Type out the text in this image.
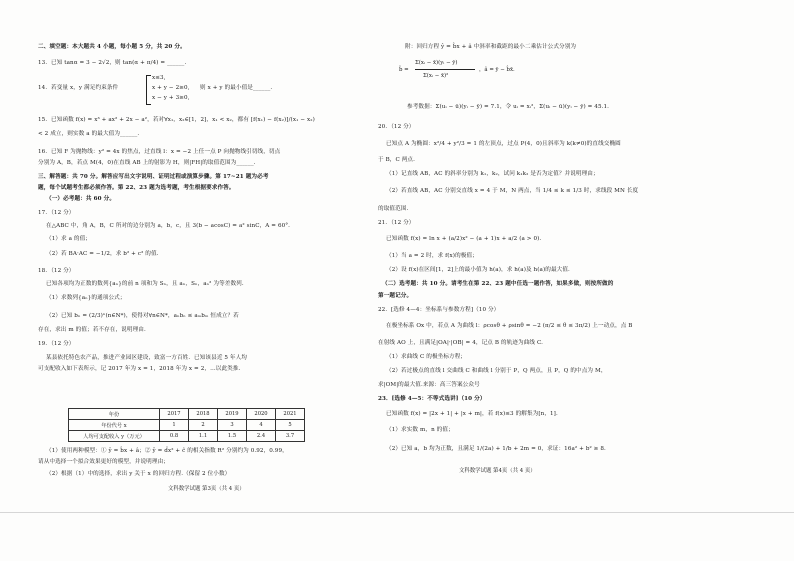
二、填空题：本大题共 4 小题，每小题 5 分，共 20 分。
13．已知 tanα = 3 − 2√2，则 tan(α + π/4) = ______.
14．若变量 x，y 满足约束条件
x≤3,
x + y − 2≥0,
x − y + 3≥0,
则 x + y 的最小值是______.
15．已知函数 f(x) = x³ + ax² + 2x − a²，若对∀x₁，x₂∈[1，2]，x₁ < x₂，都有 [f(x₁) − f(x₂)]/(x₁ − x₂)
< 2 成立，则实数 a 的最大值为______.
16．已知 F 为抛物线：y² = 4x 的焦点，过直线 l：x = −2 上任一点 P 向抛物线引切线，切点
分别为 A，B，若点 M(4，0)在直线 AB 上的射影为 H，则|FH|的取值范围为______.
三、解答题：共 70 分。解答应写出文字说明、证明过程或演算步骤。第 17~21 题为必考
题，每个试题考生都必须作答。第 22、23 题为选考题，考生根据要求作答。
（一）必考题：共 60 分。
17．（12 分）
在△ABC 中，角 A，B，C 所对的边分别为 a，b，c，且 3(b − acosC) = a² sinC，A = 60°.
（1）求 a 的值；
（2）若 BA·AC = −1/2，求 b² + c² 的值.
18．（12 分）
已知各项均为正数的数列{aₙ}的前 n 项和为 Sₙ，且 aₙ，Sₙ，aₙ² 为等差数列.
（1）求数列{aₙ}的通项公式；
（2）已知 bₙ = (2/3)ⁿ(n∈N*)，使得对∀n∈N*，aₙbₙ ≤ aₘbₘ 恒成立？若
存在，求出 m 的值；若不存在，说明理由.
19．（12 分）
某县依托特色农产品，推进产业园区建设，致富一方百姓．已知该县近 5 年人均
可支配收入如下表所示，记 2017 年为 x = 1，2018 年为 x = 2，…以此类推.
年份	2017	2018	2019	2020	2021
年份代号 x	1	2	3	4	5
人均可支配收入 y（万元）	0.8	1.1	1.5	2.4	3.7
（1）使用两种模型：① ŷ = b̂x + â；② ŷ = d̂x² + ĉ 的相关指数 R² 分别约为 0.92，0.99，
请从中选择一个拟合效果更好的模型，并说明理由；
（2）根据（1）中的选择，求出 y 关于 x 的回归方程.（保留 2 位小数）
文科数学试题 第3页（共 4 页）
附：回归方程 ŷ = b̂x + â 中斜率和截距的最小二乘估计公式分别为
b̂ =
Σ(xᵢ − x̄)(yᵢ − ȳ)
Σ(xᵢ − x̄)²
，â = ȳ − b̂x̄.
参考数据：Σ(uᵢ − ū)(yᵢ − ȳ) = 7.1，令 uᵢ = xᵢ²，Σ(uᵢ − ū)(yᵢ − ȳ) = 45.1.
20．（12 分）
已知点 A 为椭圆：x²/4 + y²/3 = 1 的左顶点，过点 P(4，0)且斜率为 k(k≠0)的直线交椭圆
于 B，C 两点.
（1）记直线 AB，AC 的斜率分别为 k₁，k₂，试问 k₁k₂ 是否为定值？并说明理由；
（2）若直线 AB，AC 分别交直线 x = 4 于 M，N 两点，当 1/4 ≤ k ≤ 1/3 时，求线段 MN 长度
的取值范围.
21．（12 分）
已知函数 f(x) = ln x + (a/2)x² − (a + 1)x + a/2 (a > 0).
（1）当 a = 2 时，求 f(x)的极值；
（2）设 f(x)在区间[1，2]上的最小值为 h(a)，求 h(a)及 h(a)的最大值.
（二）选考题：共 10 分。请考生在第 22、23 题中任选一题作答，如果多做，则按所做的
第一题记分。
22．[选修 4—4：坐标系与参数方程]（10 分）
在极坐标系 Ox 中，若点 A 为曲线 l：ρcosθ + ρsinθ = −2 (π/2 ≤ θ ≤ 3π/2) 上一动点，点 B
在射线 AO 上，且满足|OA|·|OB| = 4，记点 B 的轨迹为曲线 C.
（1）求曲线 C 的极坐标方程；
（2）若过极点的直线 l 交曲线 C 和曲线 l 分别于 P，Q 两点，且 P，Q 的中点为 M，
求|OM|的最大值.来源：高三答案公众号
23．[选修 4—5：不等式选讲]（10 分）
已知函数 f(x) = |2x + 1| + |x + m|，若 f(x)≤3 的解集为[n，1].
（1）求实数 m，n 的值；
（2）已知 a，b 均为正数，且满足 1/(2a) + 1/b + 2m = 0，求证：16a² + b² ≥ 8.
文科数学试题 第4页（共 4 页）
